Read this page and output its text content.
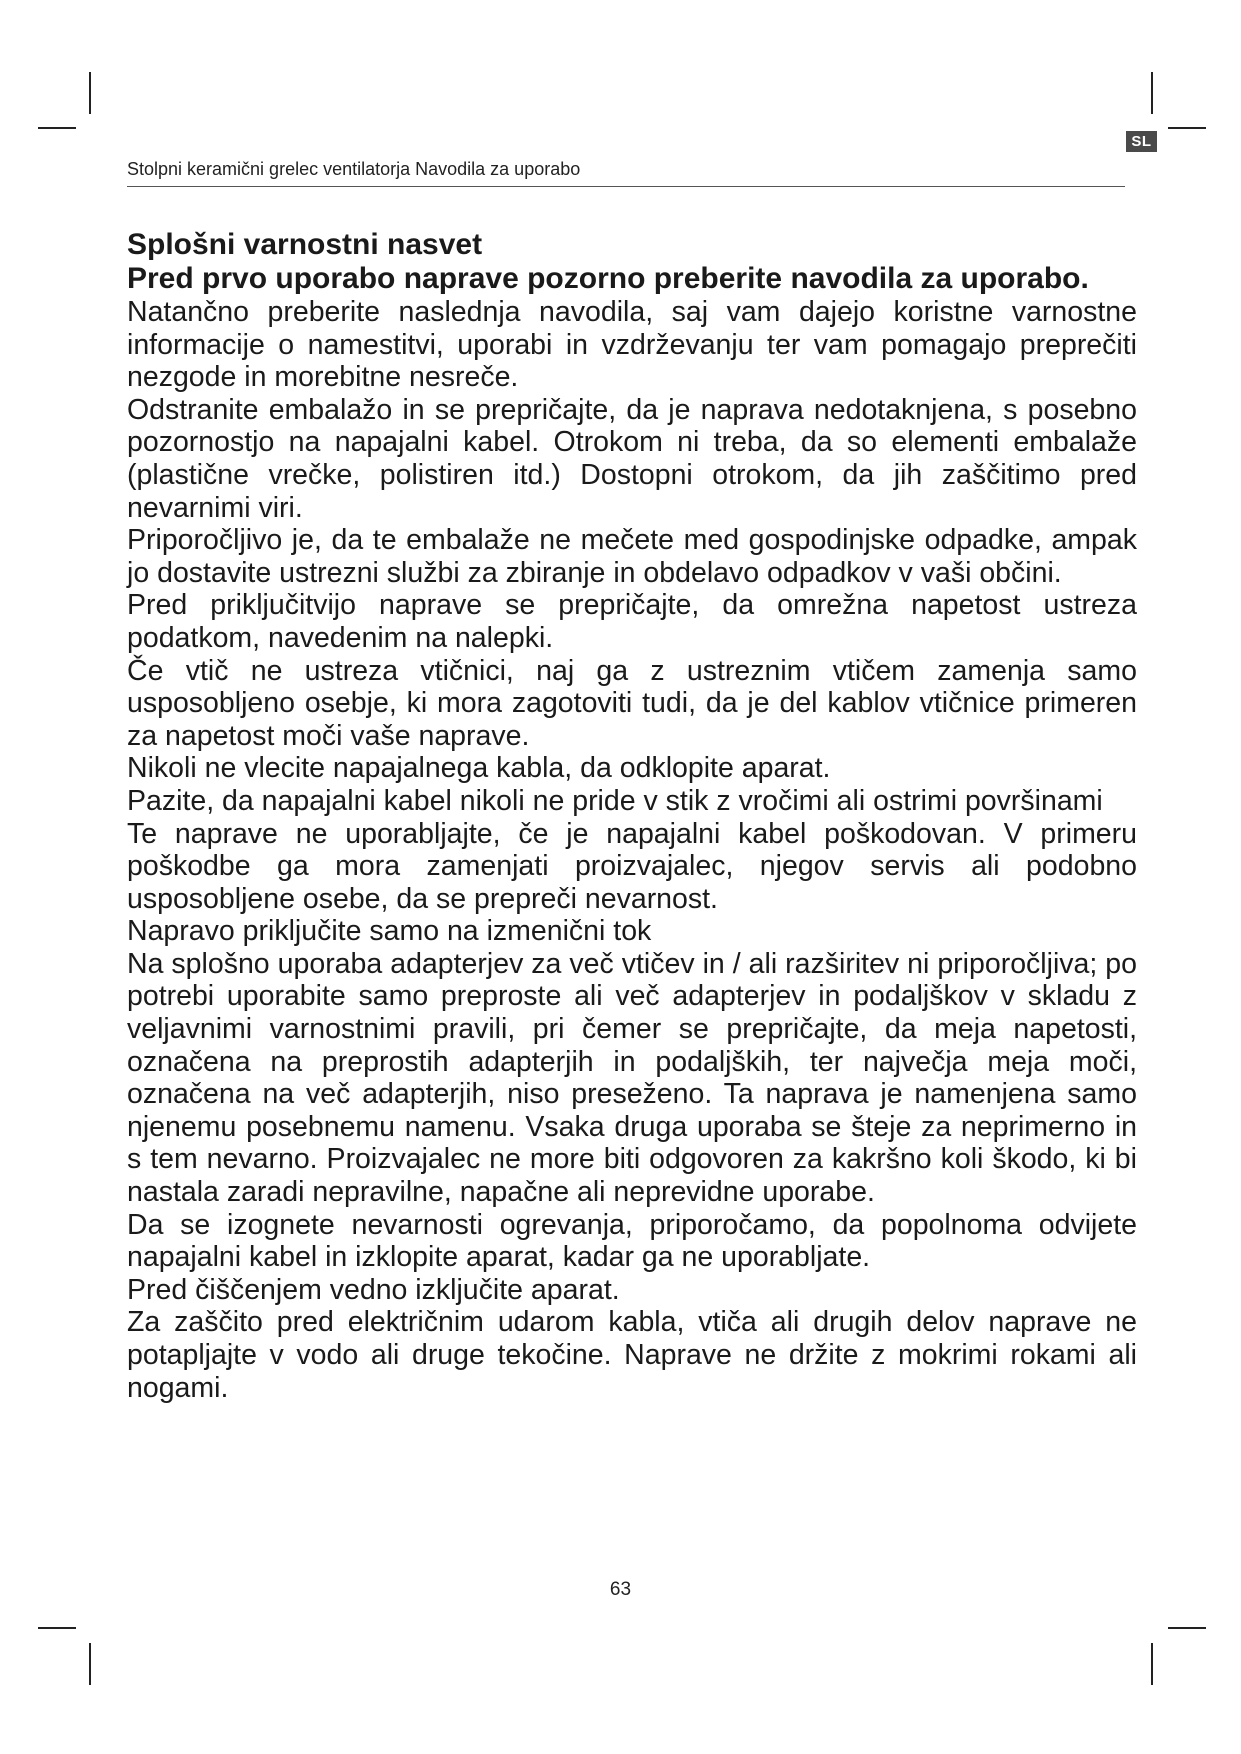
SL
Stolpni keramični grelec ventilatorja Navodila za uporabo
Splošni varnostni nasvet
Pred prvo uporabo naprave pozorno preberite navodila za uporabo.

Natančno preberite naslednja navodila, saj vam dajejo koristne varnostne informacije o namestitvi, uporabi in vzdrževanju ter vam pomagajo preprečiti nezgode in morebitne nesreče.

Odstranite embalažo in se prepričajte, da je naprava nedotaknjena, s posebno pozornostjo na napajalni kabel. Otrokom ni treba, da so elementi embalaže (plastične vrečke, polistiren itd.) Dostopni otrokom, da jih zaščitimo pred nevarnimi viri.

Priporočljivo je, da te embalaže ne mečete med gospodinjske odpadke, ampak jo dostavite ustrezni službi za zbiranje in obdelavo odpadkov v vaši občini.

Pred priključitvijo naprave se prepričajte, da omrežna napetost ustreza podatkom, navedenim na nalepki.

Če vtič ne ustreza vtičnici, naj ga z ustreznim vtičem zamenja samo usposobljeno osebje, ki mora zagotoviti tudi, da je del kablov vtičnice primeren za napetost moči vaše naprave.

Nikoli ne vlecite napajalnega kabla, da odklopite aparat.

Pazite, da napajalni kabel nikoli ne pride v stik z vročimi ali ostrimi površinami

Te naprave ne uporabljajte, če je napajalni kabel poškodovan. V primeru poškodbe ga mora zamenjati proizvajalec, njegov servis ali podobno usposobljene osebe, da se prepreči nevarnost.

Napravo priključite samo na izmenični tok

Na splošno uporaba adapterjev za več vtičev in / ali razširitev ni priporočljiva; po potrebi uporabite samo preproste ali več adapterjev in podaljškov v skladu z veljavnimi varnostnimi pravili, pri čemer se prepričajte, da meja napetosti, označena na preprostih adapterjih in podaljških, ter največja meja moči, označena na več adapterjih, niso preseženo. Ta naprava je namenjena samo njenemu posebnemu namenu. Vsaka druga uporaba se šteje za neprimerno in s tem nevarno. Proizvajalec ne more biti odgovoren za kakršno koli škodo, ki bi nastala zaradi nepravilne, napačne ali neprevidne uporabe.

Da se izognete nevarnosti ogrevanja, priporočamo, da popolnoma odvijete napajalni kabel in izklopite aparat, kadar ga ne uporabljate.

Pred čiščenjem vedno izključite aparat.

Za zaščito pred električnim udarom kabla, vtiča ali drugih delov naprave ne potapljajte v vodo ali druge tekočine. Naprave ne držite z mokrimi rokami ali nogami.

63
